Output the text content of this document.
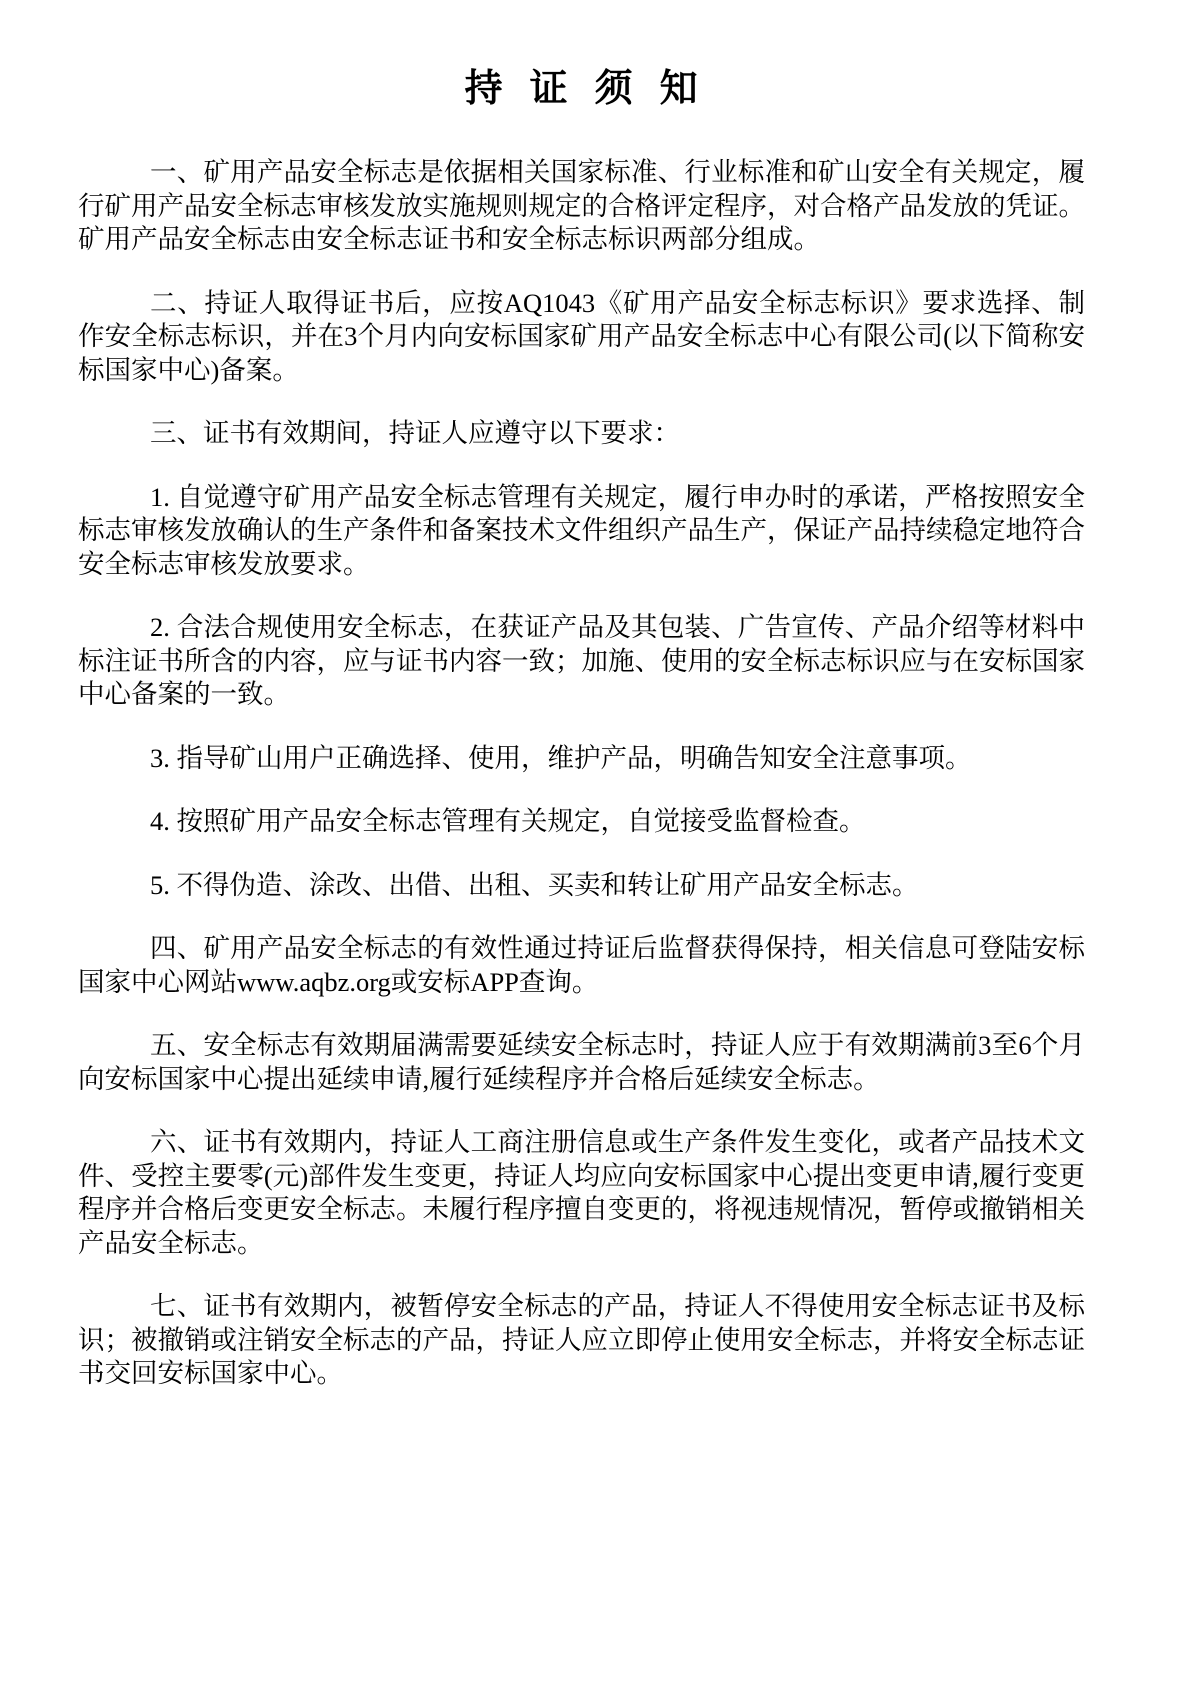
持 证 须 知

一、矿用产品安全标志是依据相关国家标准、行业标准和矿山安全有关规定，履行矿用产品安全标志审核发放实施规则规定的合格评定程序，对合格产品发放的凭证。矿用产品安全标志由安全标志证书和安全标志标识两部分组成。

二、持证人取得证书后，应按AQ1043《矿用产品安全标志标识》要求选择、制作安全标志标识，并在3个月内向安标国家矿用产品安全标志中心有限公司(以下简称安标国家中心)备案。

三、证书有效期间，持证人应遵守以下要求：

1. 自觉遵守矿用产品安全标志管理有关规定，履行申办时的承诺，严格按照安全标志审核发放确认的生产条件和备案技术文件组织产品生产，保证产品持续稳定地符合安全标志审核发放要求。

2. 合法合规使用安全标志，在获证产品及其包装、广告宣传、产品介绍等材料中标注证书所含的内容，应与证书内容一致；加施、使用的安全标志标识应与在安标国家中心备案的一致。

3. 指导矿山用户正确选择、使用，维护产品，明确告知安全注意事项。

4. 按照矿用产品安全标志管理有关规定，自觉接受监督检查。

5. 不得伪造、涂改、出借、出租、买卖和转让矿用产品安全标志。

四、矿用产品安全标志的有效性通过持证后监督获得保持，相关信息可登陆安标国家中心网站www.aqbz.org或安标APP查询。

五、安全标志有效期届满需要延续安全标志时，持证人应于有效期满前3至6个月向安标国家中心提出延续申请,履行延续程序并合格后延续安全标志。

六、证书有效期内，持证人工商注册信息或生产条件发生变化，或者产品技术文件、受控主要零(元)部件发生变更，持证人均应向安标国家中心提出变更申请,履行变更程序并合格后变更安全标志。未履行程序擅自变更的，将视违规情况，暂停或撤销相关产品安全标志。

七、证书有效期内，被暂停安全标志的产品，持证人不得使用安全标志证书及标识；被撤销或注销安全标志的产品，持证人应立即停止使用安全标志，并将安全标志证书交回安标国家中心。
